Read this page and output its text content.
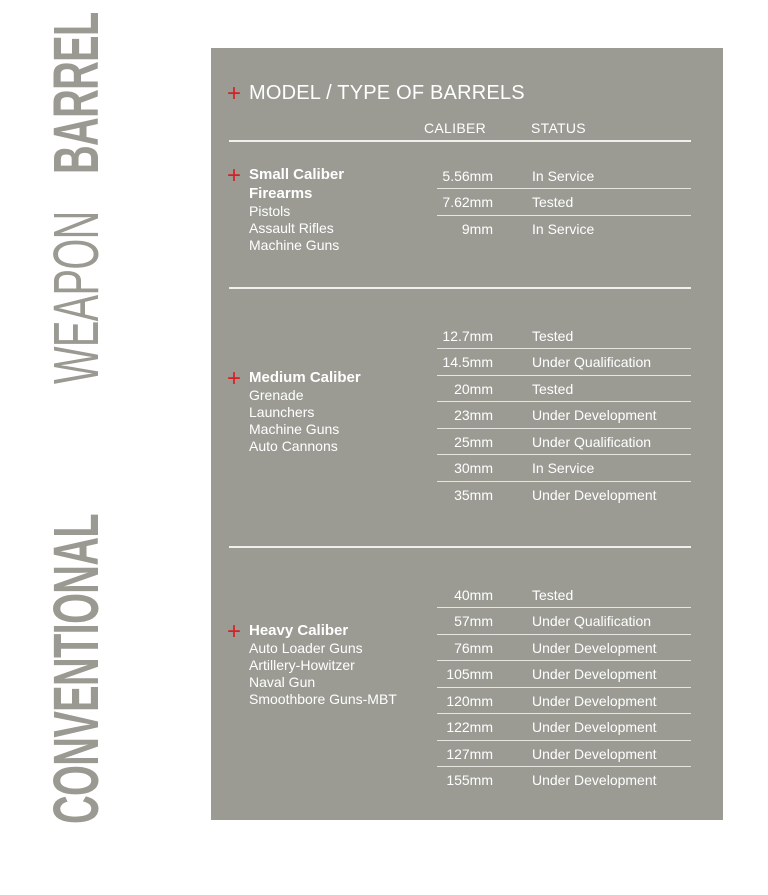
CONVENTIONAL
WEAPON
BARREL	+ MODEL / TYPE OF BARRELS
CALIBER	STATUS
+ Small Caliber
Firearms
Pistols
Assault Rifles
Machine Guns
5.56mm	In Service
7.62mm	Tested
9mm	In Service
+ Medium Caliber
Grenade
Launchers
Machine Guns
Auto Cannons
12.7mm	Tested
14.5mm	Under Qualification
20mm	Tested
23mm	Under Development
25mm	Under Qualification
30mm	In Service
35mm	Under Development
+ Heavy Caliber
Auto Loader Guns
Artillery-Howitzer
Naval Gun
Smoothbore Guns-MBT
40mm	Tested
57mm	Under Qualification
76mm	Under Development
105mm	Under Development
120mm	Under Development
122mm	Under Development
127mm	Under Development
155mm	Under Development
